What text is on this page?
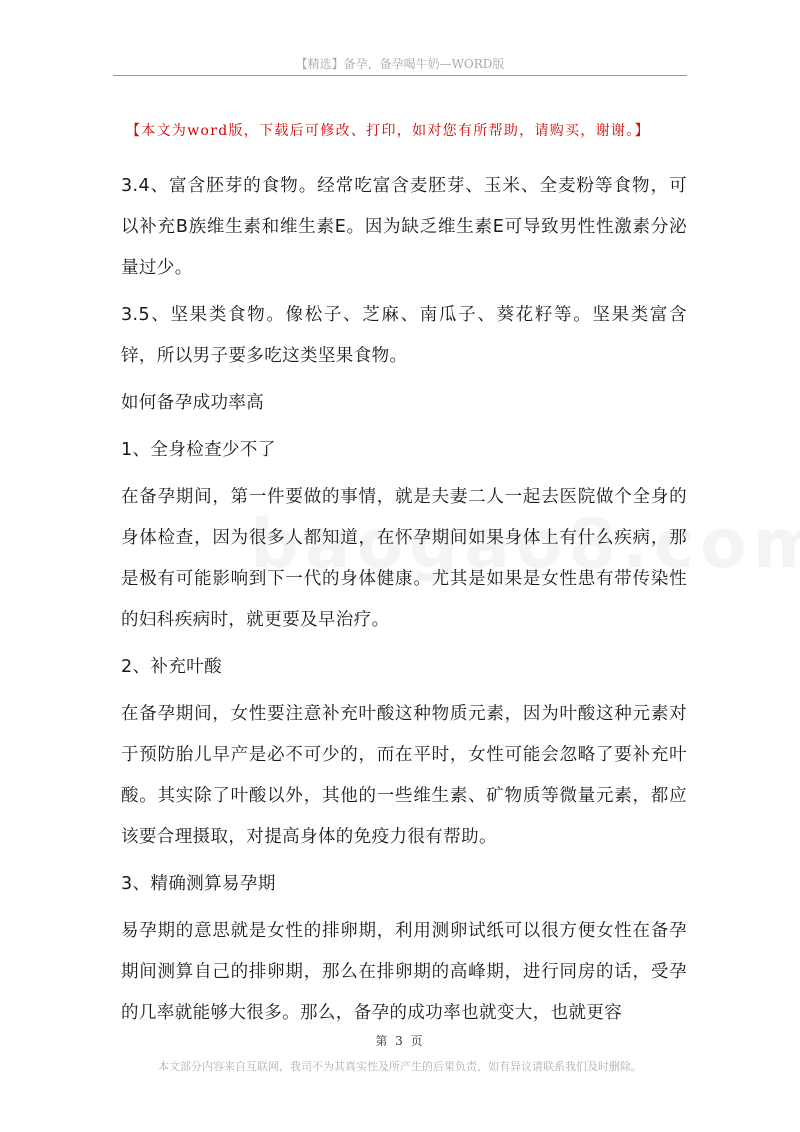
【精选】备孕，备孕喝牛奶—WORD版
【本文为word版，下载后可修改、打印，如对您有所帮助，请购买，谢谢。】

3.4、富含胚芽的食物。经常吃富含麦胚芽、玉米、全麦粉等食物，可以补充B族维生素和维生素E。因为缺乏维生素E可导致男性性激素分泌量过少。

3.5、坚果类食物。像松子、芝麻、南瓜子、葵花籽等。坚果类富含锌，所以男子要多吃这类坚果食物。

如何备孕成功率高

1、全身检查少不了

在备孕期间，第一件要做的事情，就是夫妻二人一起去医院做个全身的身体检查，因为很多人都知道，在怀孕期间如果身体上有什么疾病，那是极有可能影响到下一代的身体健康。尤其是如果是女性患有带传染性的妇科疾病时，就更要及早治疗。

2、补充叶酸

在备孕期间，女性要注意补充叶酸这种物质元素，因为叶酸这种元素对于预防胎儿早产是必不可少的，而在平时，女性可能会忽略了要补充叶酸。其实除了叶酸以外，其他的一些维生素、矿物质等微量元素，都应该要合理摄取，对提高身体的免疫力很有帮助。

3、精确测算易孕期

易孕期的意思就是女性的排卵期，利用测卵试纸可以很方便女性在备孕期间测算自己的排卵期，那么在排卵期的高峰期，进行同房的话，受孕的几率就能够大很多。那么，备孕的成功率也就变大，也就更容

第 3 页
本文部分内容来自互联网，我司不为其真实性及所产生的后果负责，如有异议请联系我们及时删除。
